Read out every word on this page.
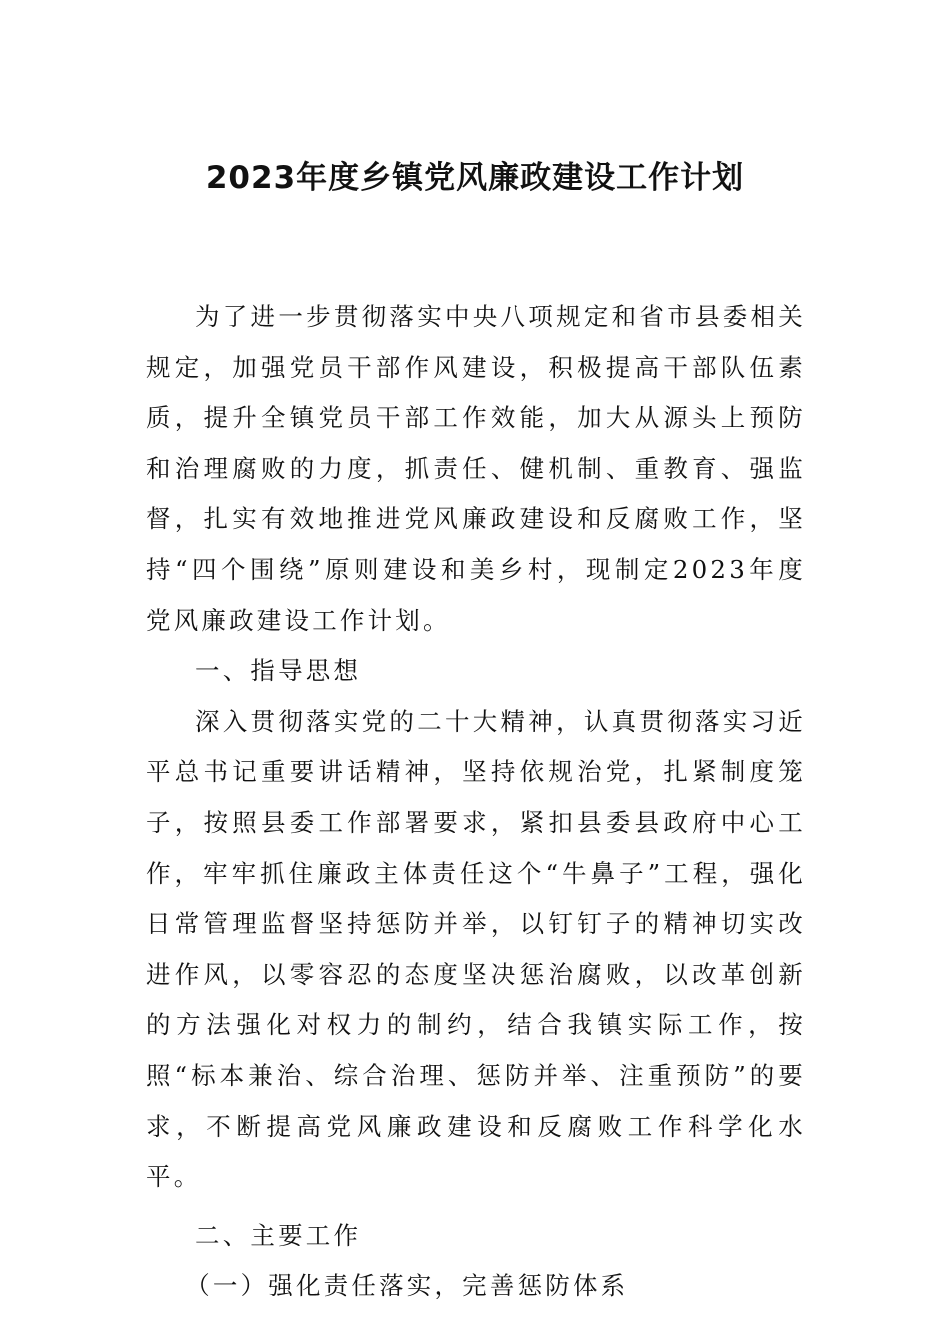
2023年度乡镇党风廉政建设工作计划

为了进一步贯彻落实中央八项规定和省市县委相关规定，加强党员干部作风建设，积极提高干部队伍素质，提升全镇党员干部工作效能，加大从源头上预防和治理腐败的力度，抓责任、健机制、重教育、强监督，扎实有效地推进党风廉政建设和反腐败工作，坚持“四个围绕”原则建设和美乡村，现制定2023年度党风廉政建设工作计划。

一、指导思想

深入贯彻落实党的二十大精神，认真贯彻落实习近平总书记重要讲话精神，坚持依规治党，扎紧制度笼子，按照县委工作部署要求，紧扣县委县政府中心工作，牢牢抓住廉政主体责任这个“牛鼻子”工程，强化日常管理监督坚持惩防并举，以钉钉子的精神切实改进作风，以零容忍的态度坚决惩治腐败，以改革创新的方法强化对权力的制约，结合我镇实际工作，按照“标本兼治、综合治理、惩防并举、注重预防”的要求，不断提高党风廉政建设和反腐败工作科学化水平。

二、主要工作

（一）强化责任落实，完善惩防体系
